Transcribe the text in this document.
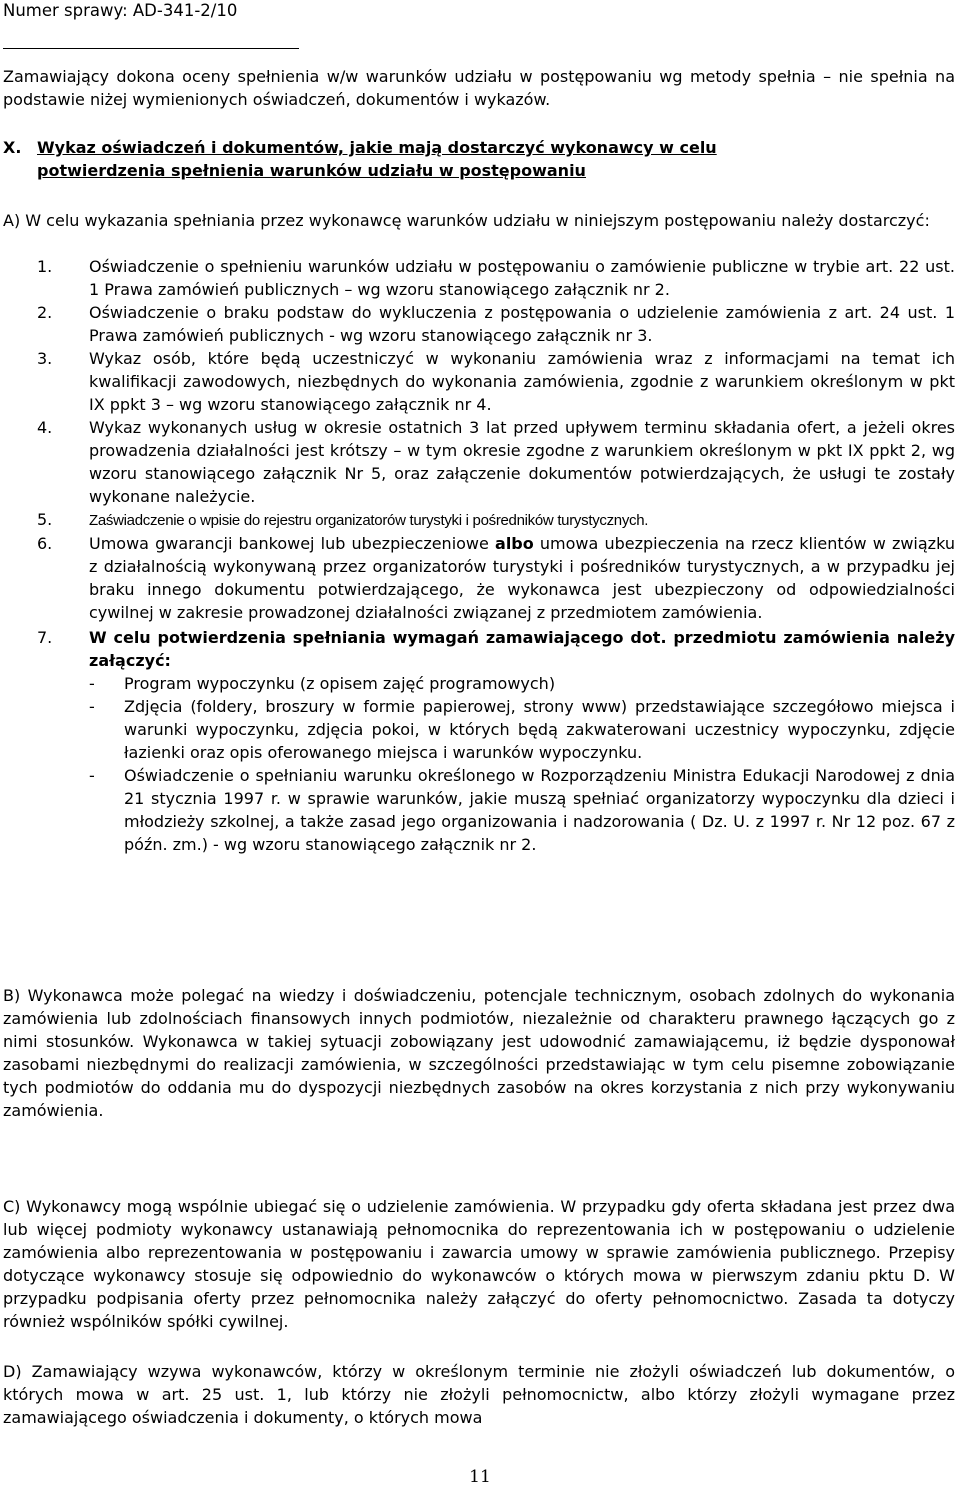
Numer sprawy: AD-341-2/10
Zamawiający dokona oceny spełnienia w/w warunków udziału w postępowaniu wg metody spełnia – nie spełnia na podstawie niżej wymienionych oświadczeń, dokumentów i wykazów.
X. Wykaz oświadczeń i dokumentów, jakie mają dostarczyć wykonawcy w celu
potwierdzenia spełnienia warunków udziału w postępowaniu
A) W celu wykazania spełniania przez wykonawcę warunków udziału w niniejszym postępowaniu należy dostarczyć:
1. Oświadczenie o spełnieniu warunków udziału w postępowaniu o zamówienie publiczne w trybie art. 22 ust. 1 Prawa zamówień publicznych – wg wzoru stanowiącego załącznik nr 2.
2. Oświadczenie o braku podstaw do wykluczenia z postępowania o udzielenie zamówienia z art. 24 ust. 1 Prawa zamówień publicznych - wg wzoru stanowiącego załącznik nr 3.
3. Wykaz osób, które będą uczestniczyć w wykonaniu zamówienia wraz z informacjami na temat ich kwalifikacji zawodowych, niezbędnych do wykonania zamówienia, zgodnie z warunkiem określonym w pkt IX ppkt 3 – wg wzoru stanowiącego załącznik nr 4.
4. Wykaz wykonanych usług w okresie ostatnich 3 lat przed upływem terminu składania ofert, a jeżeli okres prowadzenia działalności jest krótszy – w tym okresie zgodne z warunkiem określonym w pkt IX ppkt 2, wg wzoru stanowiącego załącznik Nr 5, oraz załączenie dokumentów potwierdzających, że usługi te zostały wykonane należycie.
5. Zaświadczenie o wpisie do rejestru organizatorów turystyki i pośredników turystycznych.
6. Umowa gwarancji bankowej lub ubezpieczeniowe albo umowa ubezpieczenia na rzecz klientów w związku z działalnością wykonywaną przez organizatorów turystyki i pośredników turystycznych, a w przypadku jej braku innego dokumentu potwierdzającego, że wykonawca jest ubezpieczony od odpowiedzialności cywilnej w zakresie prowadzonej działalności związanej z przedmiotem zamówienia.
7. W celu potwierdzenia spełniania wymagań zamawiającego dot. przedmiotu zamówienia należy załączyć:
- Program wypoczynku (z opisem zajęć programowych)
- Zdjęcia (foldery, broszury w formie papierowej, strony www) przedstawiające szczegółowo miejsca i warunki wypoczynku, zdjęcia pokoi, w których będą zakwaterowani uczestnicy wypoczynku, zdjęcie łazienki oraz opis oferowanego miejsca i warunków wypoczynku.
- Oświadczenie o spełnianiu warunku określonego w Rozporządzeniu Ministra Edukacji Narodowej z dnia 21 stycznia 1997 r. w sprawie warunków, jakie muszą spełniać organizatorzy wypoczynku dla dzieci i młodzieży szkolnej, a także zasad jego organizowania i nadzorowania ( Dz. U. z 1997 r. Nr 12 poz. 67 z późn. zm.) - wg wzoru stanowiącego załącznik nr 2.
B) Wykonawca może polegać na wiedzy i doświadczeniu, potencjale technicznym, osobach zdolnych do wykonania zamówienia lub zdolnościach finansowych innych podmiotów, niezależnie od charakteru prawnego łączących go z nimi stosunków. Wykonawca w takiej sytuacji zobowiązany jest udowodnić zamawiającemu, iż będzie dysponował zasobami niezbędnymi do realizacji zamówienia, w szczególności przedstawiając w tym celu pisemne zobowiązanie tych podmiotów do oddania mu do dyspozycji niezbędnych zasobów na okres korzystania z nich przy wykonywaniu zamówienia.
C) Wykonawcy mogą wspólnie ubiegać się o udzielenie zamówienia. W przypadku gdy oferta składana jest przez dwa lub więcej podmioty wykonawcy ustanawiają pełnomocnika do reprezentowania ich w postępowaniu o udzielenie zamówienia albo reprezentowania w postępowaniu i zawarcia umowy w sprawie zamówienia publicznego. Przepisy dotyczące wykonawcy stosuje się odpowiednio do wykonawców o których mowa w pierwszym zdaniu pktu D. W przypadku podpisania oferty przez pełnomocnika należy załączyć do oferty pełnomocnictwo. Zasada ta dotyczy również wspólników spółki cywilnej.
D) Zamawiający wzywa wykonawców, którzy w określonym terminie nie złożyli oświadczeń lub dokumentów, o których mowa w art. 25 ust. 1, lub którzy nie złożyli pełnomocnictw, albo którzy złożyli wymagane przez zamawiającego oświadczenia i dokumenty, o których mowa
11
